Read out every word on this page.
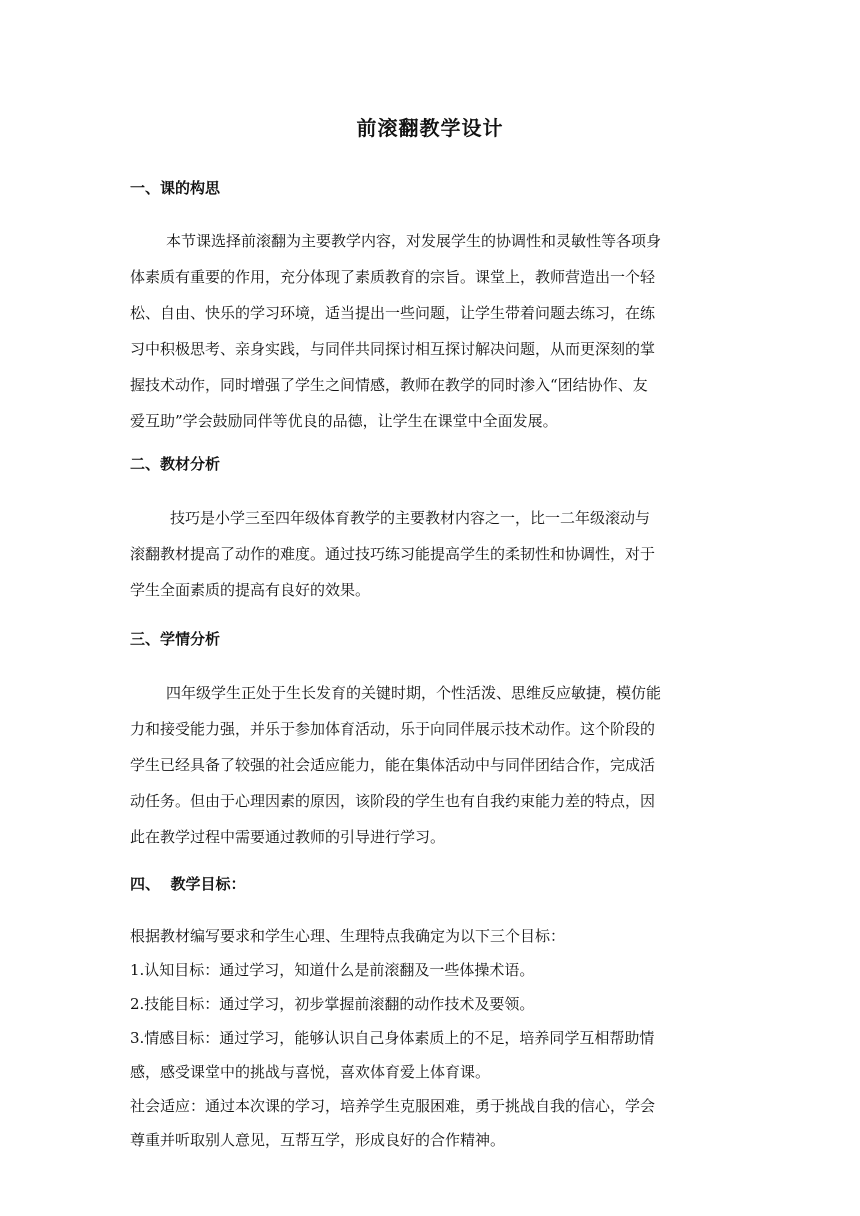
前滚翻教学设计
一、课的构思
本节课选择前滚翻为主要教学内容，对发展学生的协调性和灵敏性等各项身
体素质有重要的作用，充分体现了素质教育的宗旨。课堂上，教师营造出一个轻
松、自由、快乐的学习环境，适当提出一些问题，让学生带着问题去练习，在练
习中积极思考、亲身实践，与同伴共同探讨相互探讨解决问题，从而更深刻的掌
握技术动作，同时增强了学生之间情感，教师在教学的同时渗入“团结协作、友
爱互助”学会鼓励同伴等优良的品德，让学生在课堂中全面发展。
二、教材分析
技巧是小学三至四年级体育教学的主要教材内容之一，比一二年级滚动与
滚翻教材提高了动作的难度。通过技巧练习能提高学生的柔韧性和协调性，对于
学生全面素质的提高有良好的效果。
三、学情分析
四年级学生正处于生长发育的关键时期，个性活泼、思维反应敏捷，模仿能
力和接受能力强，并乐于参加体育活动，乐于向同伴展示技术动作。这个阶段的
学生已经具备了较强的社会适应能力，能在集体活动中与同伴团结合作，完成活
动任务。但由于心理因素的原因，该阶段的学生也有自我约束能力差的特点，因
此在教学过程中需要通过教师的引导进行学习。
四、  教学目标：
根据教材编写要求和学生心理、生理特点我确定为以下三个目标：
1.认知目标：通过学习，知道什么是前滚翻及一些体操术语。
2.技能目标：通过学习，初步掌握前滚翻的动作技术及要领。
3.情感目标：通过学习，能够认识自己身体素质上的不足，培养同学互相帮助情
感，感受课堂中的挑战与喜悦，喜欢体育爱上体育课。
社会适应：通过本次课的学习，培养学生克服困难，勇于挑战自我的信心，学会
尊重并听取别人意见，互帮互学，形成良好的合作精神。
